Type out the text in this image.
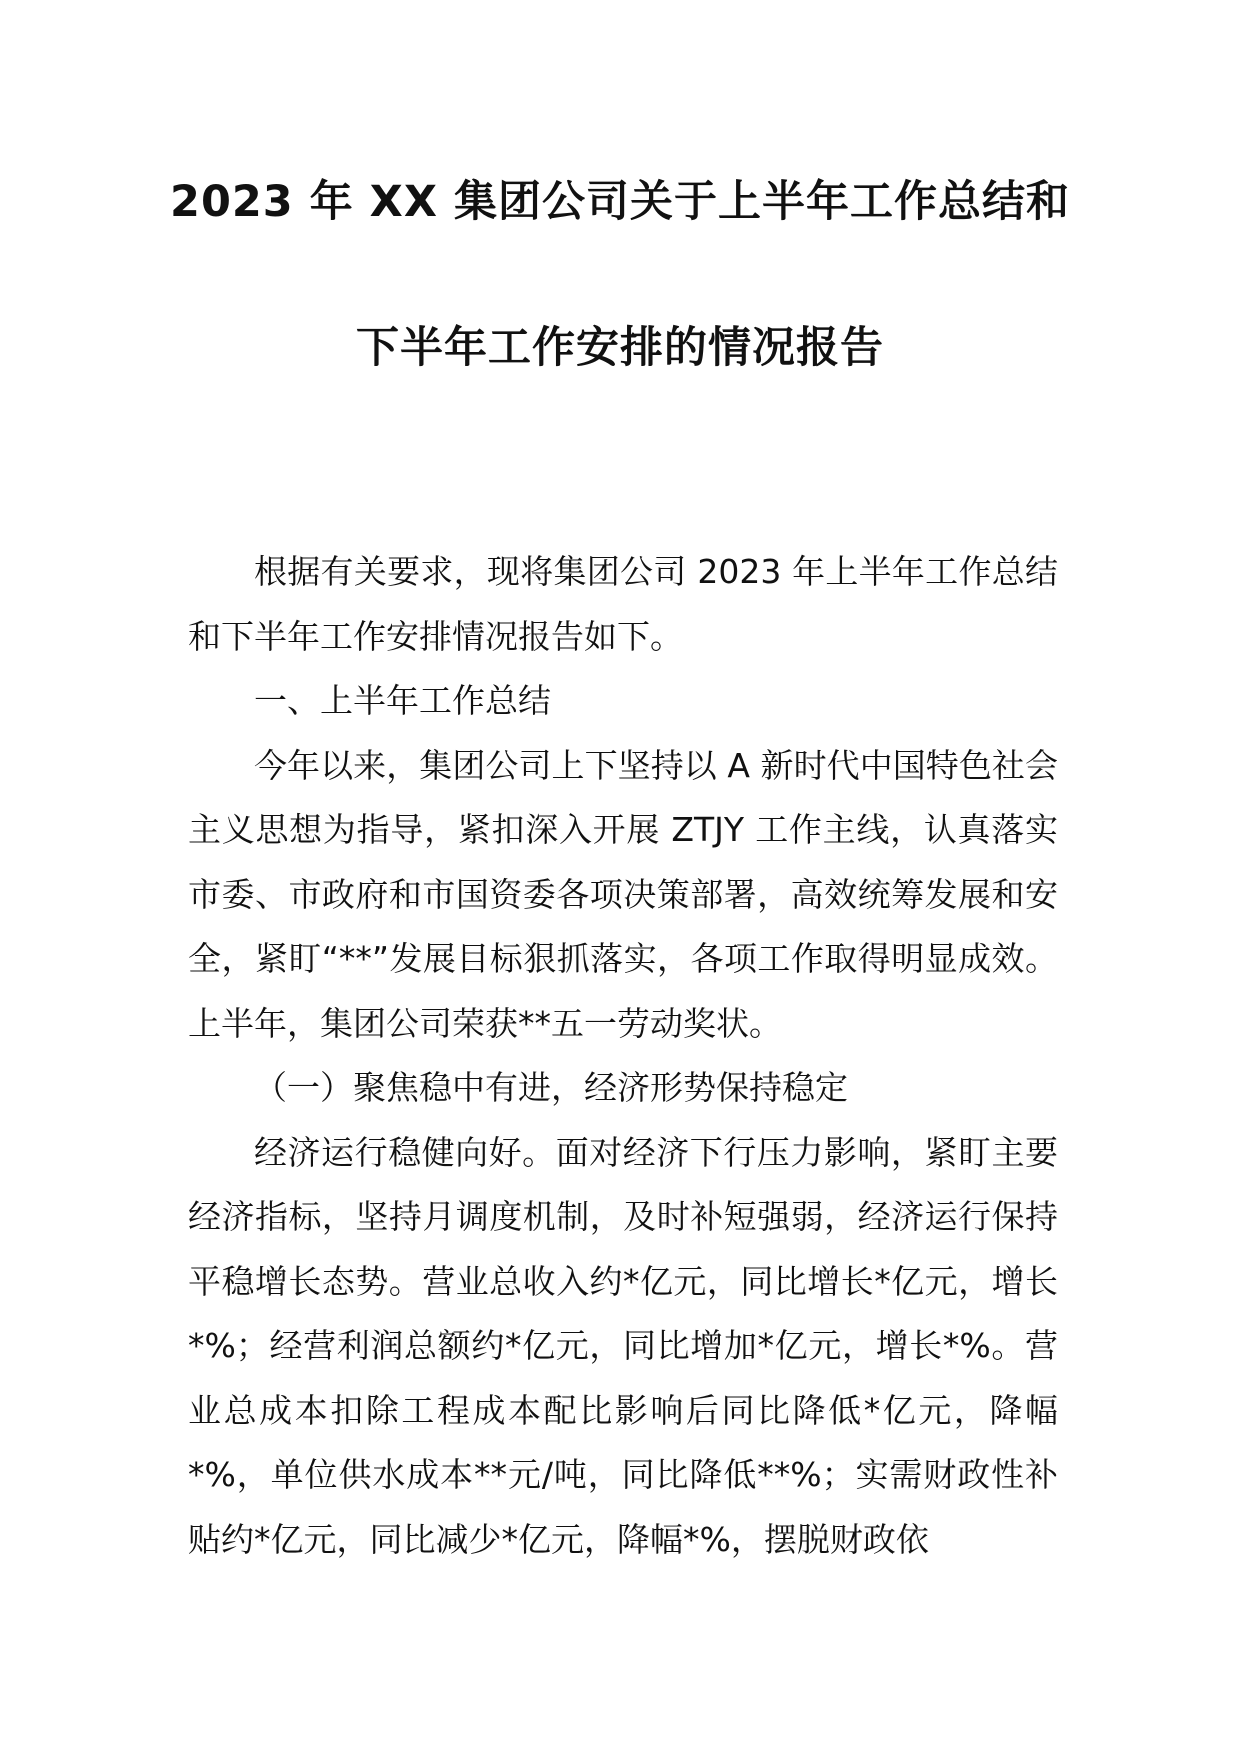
2023 年 XX 集团公司关于上半年工作总结和
下半年工作安排的情况报告

根据有关要求，现将集团公司 2023 年上半年工作总结和下半年工作安排情况报告如下。

一、上半年工作总结

今年以来，集团公司上下坚持以 A 新时代中国特色社会主义思想为指导，紧扣深入开展 ZTJY 工作主线，认真落实市委、市政府和市国资委各项决策部署，高效统筹发展和安全，紧盯“**”发展目标狠抓落实，各项工作取得明显成效。上半年，集团公司荣获**五一劳动奖状。

（一）聚焦稳中有进，经济形势保持稳定

经济运行稳健向好。面对经济下行压力影响，紧盯主要经济指标，坚持月调度机制，及时补短强弱，经济运行保持平稳增长态势。营业总收入约*亿元，同比增长*亿元，增长*%；经营利润总额约*亿元，同比增加*亿元，增长*%。营业总成本扣除工程成本配比影响后同比降低*亿元，降幅*%，单位供水成本**元/吨，同比降低**%；实需财政性补贴约*亿元，同比减少*亿元，降幅*%，摆脱财政依
